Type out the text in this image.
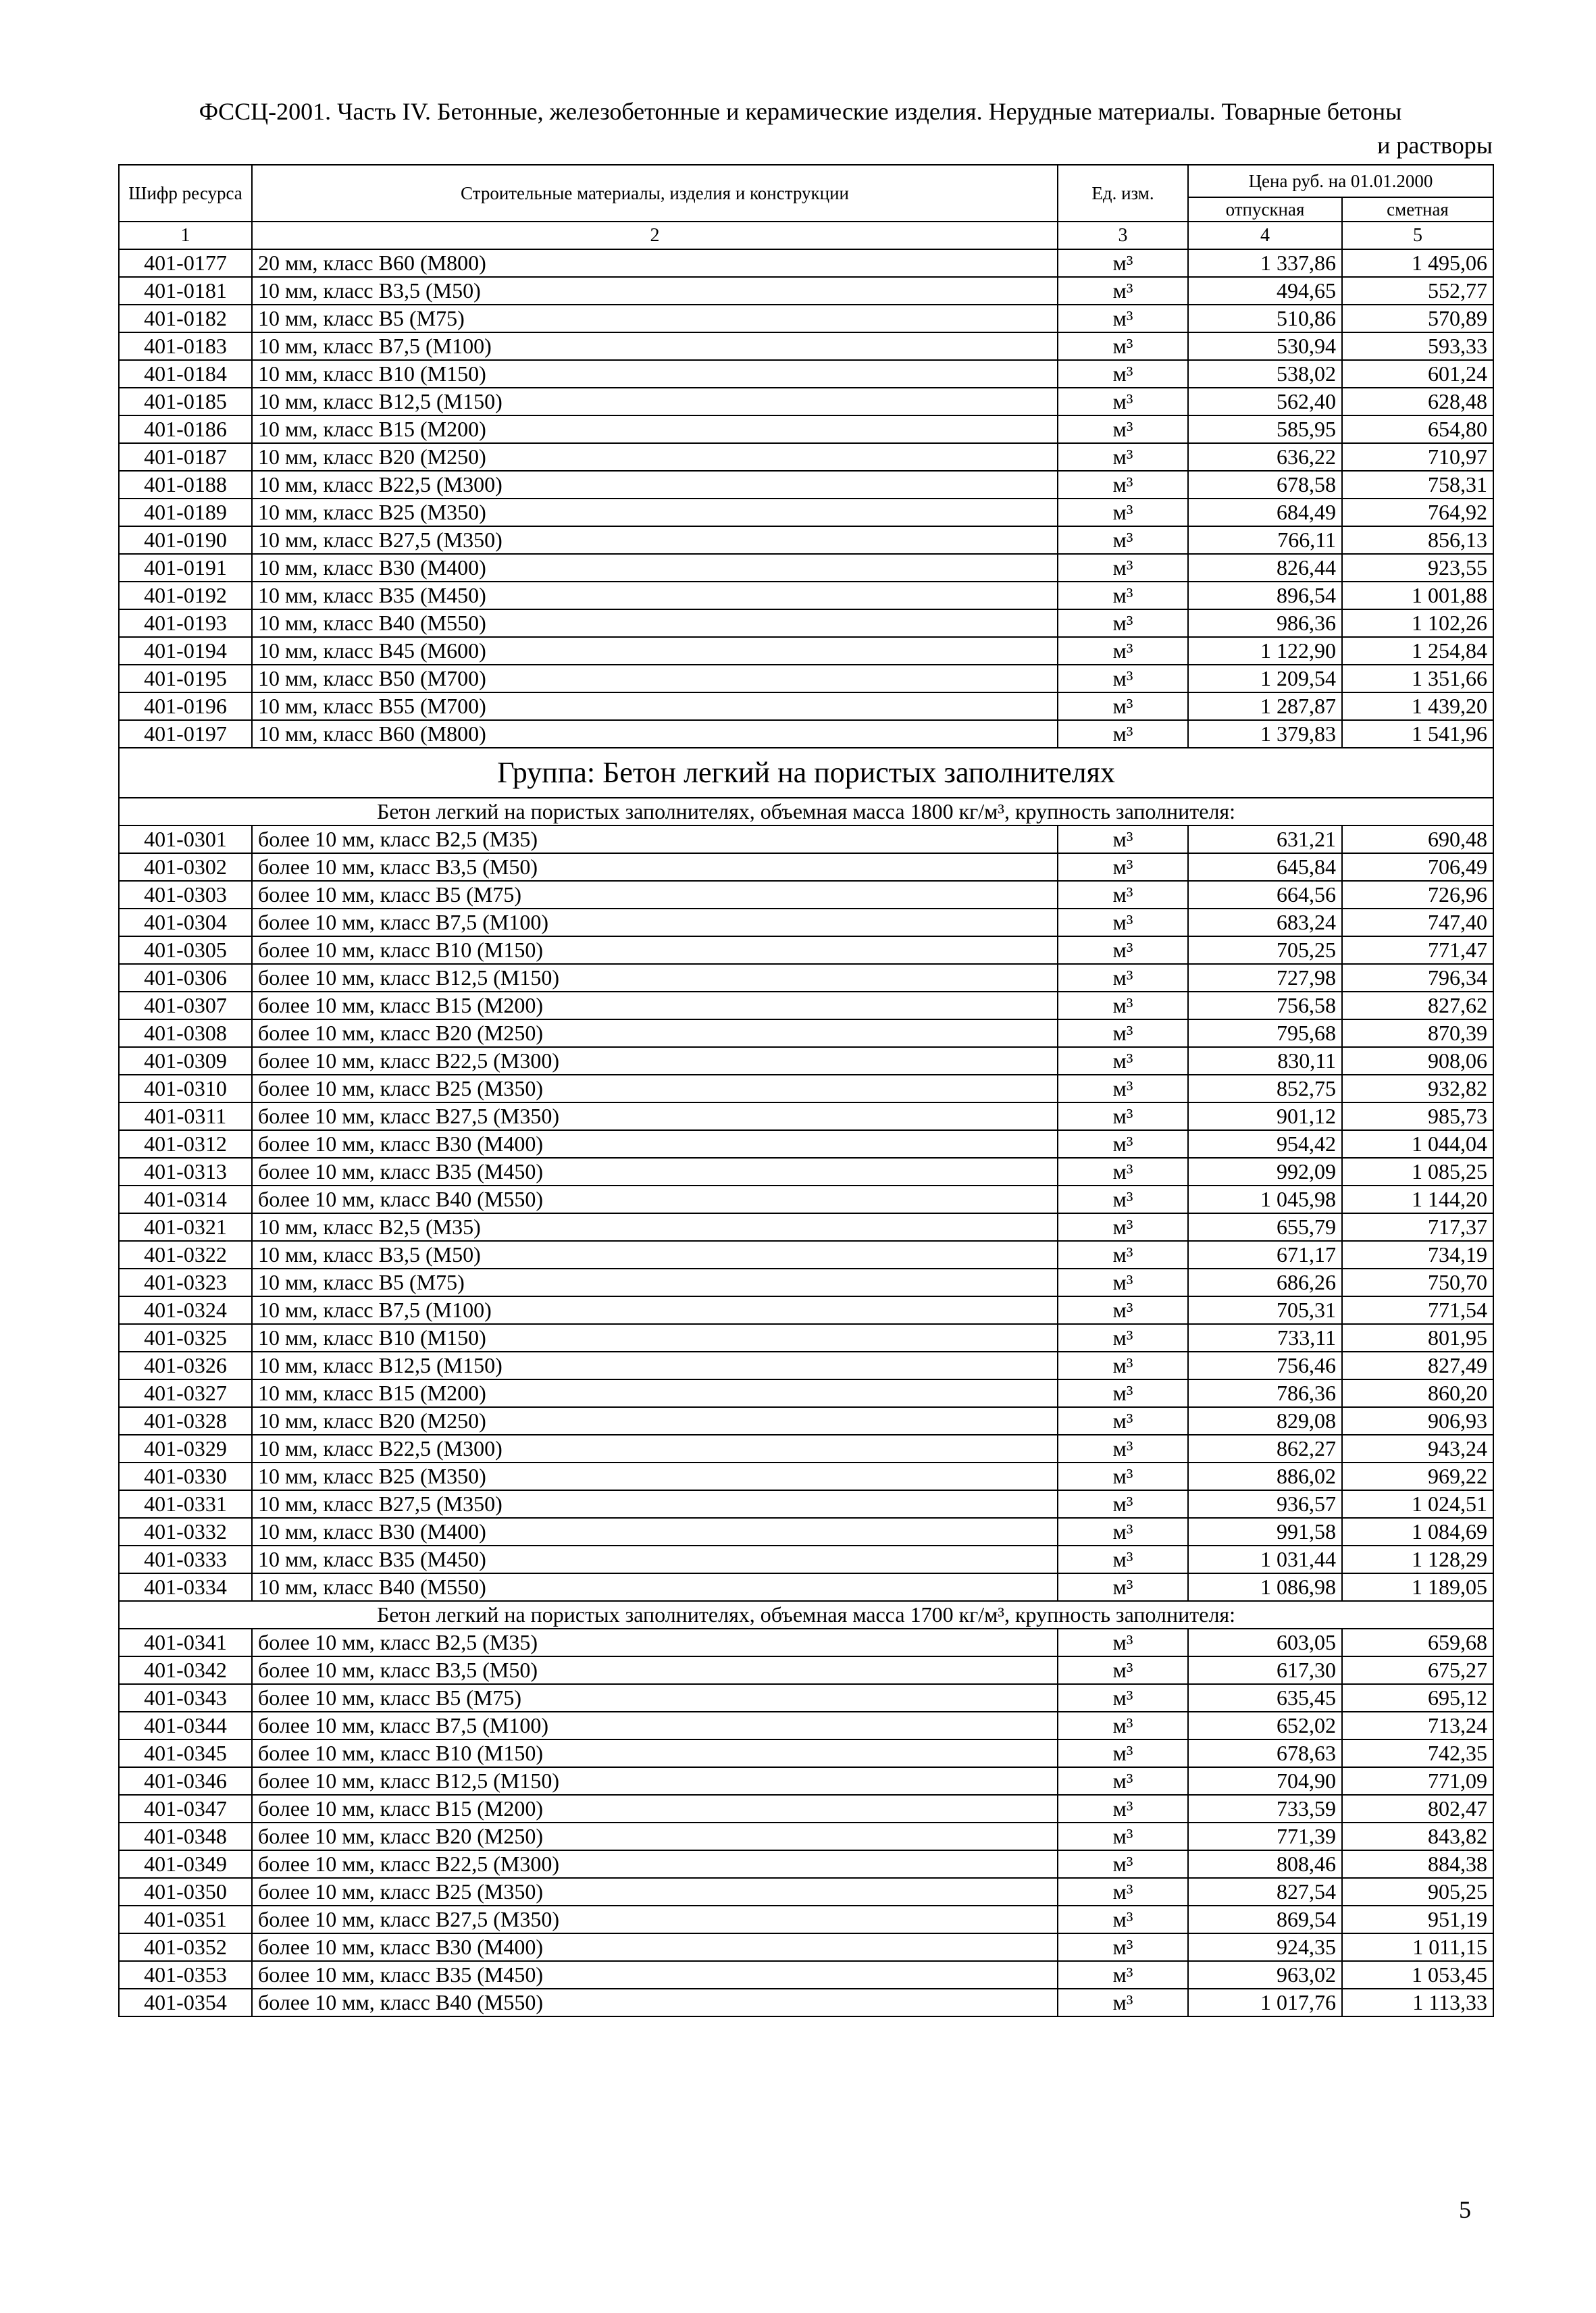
ФССЦ-2001. Часть IV. Бетонные, железобетонные и керамические изделия. Нерудные материалы. Товарные бетоны
и растворы
Шифр ресурса	Строительные материалы, изделия и конструкции	Ед. изм.	Цена руб. на 01.01.2000	
			отпускная	сметная
1	2	3	4	5
401-0177	20 мм, класс В60 (М800)	м³	1 337,86	1 495,06
401-0181	10 мм, класс В3,5 (М50)	м³	494,65	552,77
401-0182	10 мм, класс В5 (М75)	м³	510,86	570,89
401-0183	10 мм, класс В7,5 (М100)	м³	530,94	593,33
401-0184	10 мм, класс В10 (М150)	м³	538,02	601,24
401-0185	10 мм, класс В12,5 (М150)	м³	562,40	628,48
401-0186	10 мм, класс В15 (М200)	м³	585,95	654,80
401-0187	10 мм, класс В20 (М250)	м³	636,22	710,97
401-0188	10 мм, класс В22,5 (М300)	м³	678,58	758,31
401-0189	10 мм, класс В25 (М350)	м³	684,49	764,92
401-0190	10 мм, класс В27,5 (М350)	м³	766,11	856,13
401-0191	10 мм, класс В30 (М400)	м³	826,44	923,55
401-0192	10 мм, класс В35 (М450)	м³	896,54	1 001,88
401-0193	10 мм, класс В40 (М550)	м³	986,36	1 102,26
401-0194	10 мм, класс В45 (М600)	м³	1 122,90	1 254,84
401-0195	10 мм, класс В50 (М700)	м³	1 209,54	1 351,66
401-0196	10 мм, класс В55 (М700)	м³	1 287,87	1 439,20
401-0197	10 мм, класс В60 (М800)	м³	1 379,83	1 541,96
Группа: Бетон легкий на пористых заполнителях				
Бетон легкий на пористых заполнителях, объемная масса 1800 кг/м³, крупность заполнителя:				
401-0301	более 10 мм, класс В2,5 (М35)	м³	631,21	690,48
401-0302	более 10 мм, класс В3,5 (М50)	м³	645,84	706,49
401-0303	более 10 мм, класс В5 (М75)	м³	664,56	726,96
401-0304	более 10 мм, класс В7,5 (М100)	м³	683,24	747,40
401-0305	более 10 мм, класс В10 (М150)	м³	705,25	771,47
401-0306	более 10 мм, класс В12,5 (М150)	м³	727,98	796,34
401-0307	более 10 мм, класс В15 (М200)	м³	756,58	827,62
401-0308	более 10 мм, класс В20 (М250)	м³	795,68	870,39
401-0309	более 10 мм, класс В22,5 (М300)	м³	830,11	908,06
401-0310	более 10 мм, класс В25 (М350)	м³	852,75	932,82
401-0311	более 10 мм, класс В27,5 (М350)	м³	901,12	985,73
401-0312	более 10 мм, класс В30 (М400)	м³	954,42	1 044,04
401-0313	более 10 мм, класс В35 (М450)	м³	992,09	1 085,25
401-0314	более 10 мм, класс В40 (М550)	м³	1 045,98	1 144,20
401-0321	10 мм, класс В2,5 (М35)	м³	655,79	717,37
401-0322	10 мм, класс В3,5 (М50)	м³	671,17	734,19
401-0323	10 мм, класс В5 (М75)	м³	686,26	750,70
401-0324	10 мм, класс В7,5 (М100)	м³	705,31	771,54
401-0325	10 мм, класс В10 (М150)	м³	733,11	801,95
401-0326	10 мм, класс В12,5 (М150)	м³	756,46	827,49
401-0327	10 мм, класс В15 (М200)	м³	786,36	860,20
401-0328	10 мм, класс В20 (М250)	м³	829,08	906,93
401-0329	10 мм, класс В22,5 (М300)	м³	862,27	943,24
401-0330	10 мм, класс В25 (М350)	м³	886,02	969,22
401-0331	10 мм, класс В27,5 (М350)	м³	936,57	1 024,51
401-0332	10 мм, класс В30 (М400)	м³	991,58	1 084,69
401-0333	10 мм, класс В35 (М450)	м³	1 031,44	1 128,29
401-0334	10 мм, класс В40 (М550)	м³	1 086,98	1 189,05
Бетон легкий на пористых заполнителях, объемная масса 1700 кг/м³, крупность заполнителя:				
401-0341	более 10 мм, класс В2,5 (М35)	м³	603,05	659,68
401-0342	более 10 мм, класс В3,5 (М50)	м³	617,30	675,27
401-0343	более 10 мм, класс В5 (М75)	м³	635,45	695,12
401-0344	более 10 мм, класс В7,5 (М100)	м³	652,02	713,24
401-0345	более 10 мм, класс В10 (М150)	м³	678,63	742,35
401-0346	более 10 мм, класс В12,5 (М150)	м³	704,90	771,09
401-0347	более 10 мм, класс В15 (М200)	м³	733,59	802,47
401-0348	более 10 мм, класс В20 (М250)	м³	771,39	843,82
401-0349	более 10 мм, класс В22,5 (М300)	м³	808,46	884,38
401-0350	более 10 мм, класс В25 (М350)	м³	827,54	905,25
401-0351	более 10 мм, класс В27,5 (М350)	м³	869,54	951,19
401-0352	более 10 мм, класс В30 (М400)	м³	924,35	1 011,15
401-0353	более 10 мм, класс В35 (М450)	м³	963,02	1 053,45
401-0354	более 10 мм, класс В40 (М550)	м³	1 017,76	1 113,33
5
